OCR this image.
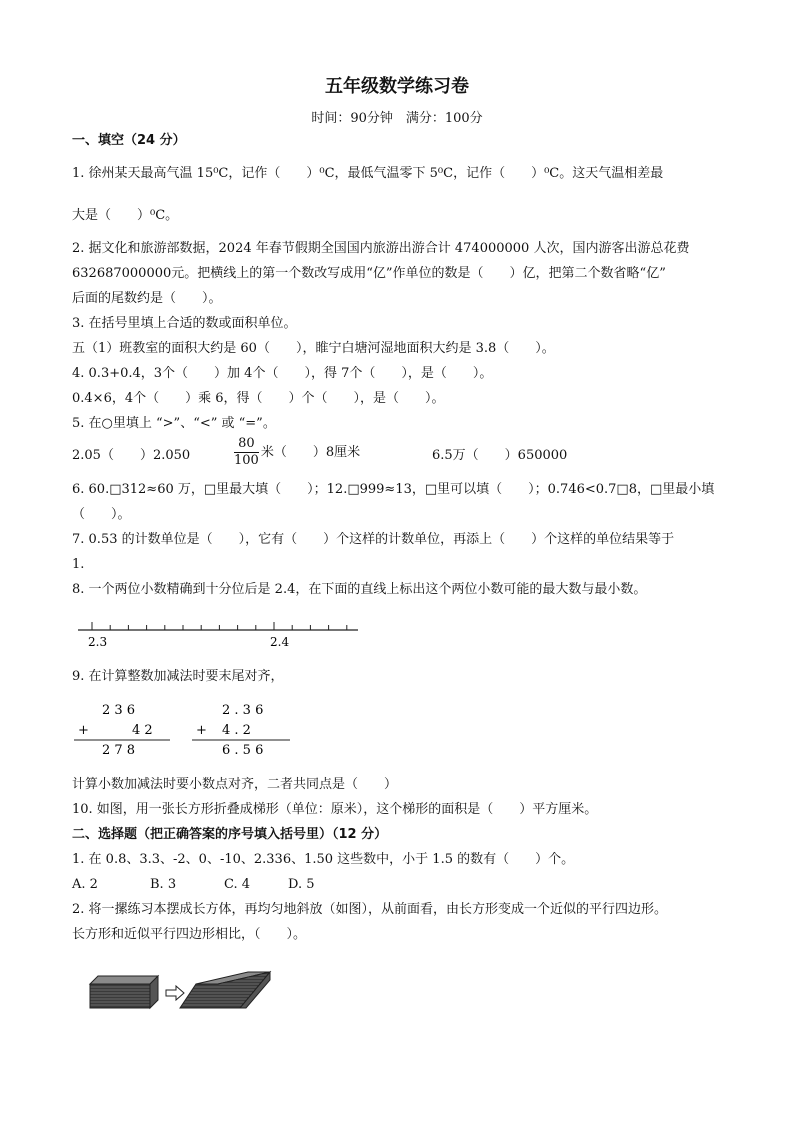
五年级数学练习卷
时间：90分钟　满分：100分
一、填空（24 分）
1. 徐州某天最高气温 15⁰C，记作（　　）⁰C，最低气温零下 5⁰C，记作（　　）⁰C。这天气温相差最
大是（　　）⁰C。
2. 据文化和旅游部数据，2024 年春节假期全国国内旅游出游合计 474000000 人次，国内游客出游总花费
632687000000元。把横线上的第一个数改写成用“亿”作单位的数是（　　）亿，把第二个数省略“亿”
后面的尾数约是（　　）。
3. 在括号里填上合适的数或面积单位。
五（1）班教室的面积大约是 60（　　），睢宁白塘河湿地面积大约是 3.8（　　）。
4. 0.3+0.4，3个（　　）加 4个（　　），得 7个（　　），是（　　）。
0.4×6，4个（　　）乘 6，得（　　）个（　　），是（　　）。
5. 在○里填上 “>”、“<” 或 “=”。
2.05（　　）2.050	$\frac{80}{100}$ 米（　　）8厘米	6.5万（　　）650000
6. 60.□312≈60 万，□里最大填（　　）；12.□999≈13，□里可以填（　　）；0.746<0.7□8，□里最小填
（　　）。
7. 0.53 的计数单位是（　　），它有（　　）个这样的计数单位，再添上（　　）个这样的单位结果等于
1.
8. 一个两位小数精确到十分位后是 2.4，在下面的直线上标出这个两位小数可能的最大数与最小数。
2.3	2.4
9. 在计算整数加减法时要末尾对齐，
2 3 6
+	4 2
2 7 8
2 . 3 6
+ 4 . 2
6 . 5 6
计算小数加减法时要小数点对齐，二者共同点是（　　）
10. 如图，用一张长方形折叠成梯形（单位：原米），这个梯形的面积是（　　）平方厘米。
二、选择题（把正确答案的序号填入括号里）（12 分）
1. 在 0.8、3.3、-2、0、-10、2.336、1.50 这些数中，小于 1.5 的数有（　　）个。
A. 2	B. 3	C. 4	D. 5
2. 将一摞练习本摆成长方体，再均匀地斜放（如图），从前面看，由长方形变成一个近似的平行四边形。
长方形和近似平行四边形相比，（　　）。
